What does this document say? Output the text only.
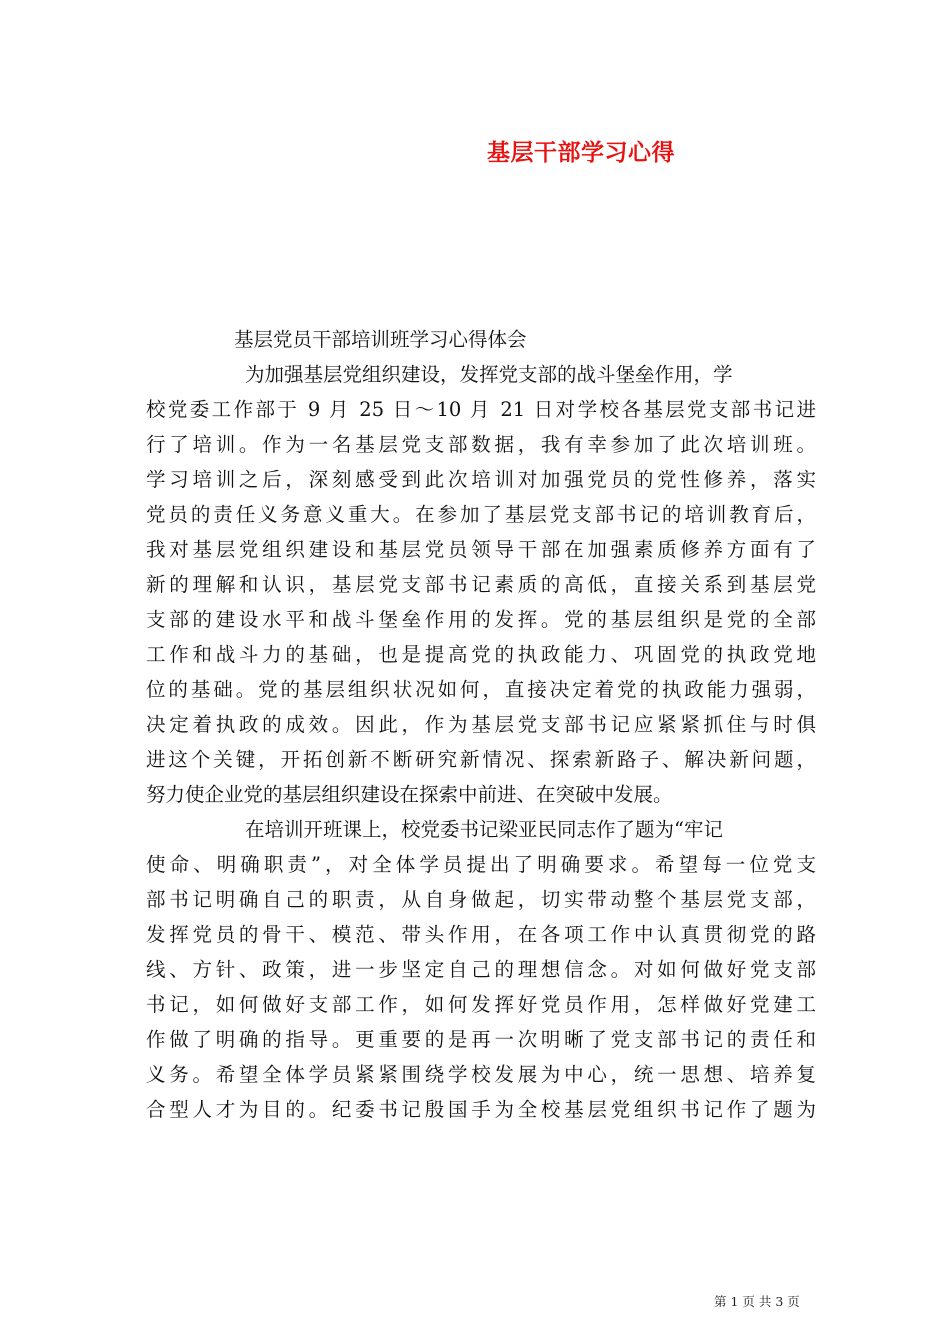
基层干部学习心得
基层党员干部培训班学习心得体会
为加强基层党组织建设，发挥党支部的战斗堡垒作用，学
校党委工作部于 9 月 25 日～10 月 21 日对学校各基层党支部书记进
行了培训。作为一名基层党支部数据，我有幸参加了此次培训班。
学习培训之后，深刻感受到此次培训对加强党员的党性修养，落实
党员的责任义务意义重大。在参加了基层党支部书记的培训教育后，
我对基层党组织建设和基层党员领导干部在加强素质修养方面有了
新的理解和认识，基层党支部书记素质的高低，直接关系到基层党
支部的建设水平和战斗堡垒作用的发挥。党的基层组织是党的全部
工作和战斗力的基础，也是提高党的执政能力、巩固党的执政党地
位的基础。党的基层组织状况如何，直接决定着党的执政能力强弱，
决定着执政的成效。因此，作为基层党支部书记应紧紧抓住与时俱
进这个关键，开拓创新不断研究新情况、探索新路子、解决新问题，
努力使企业党的基层组织建设在探索中前进、在突破中发展。
在培训开班课上，校党委书记梁亚民同志作了题为“牢记
使命、明确职责”，对全体学员提出了明确要求。希望每一位党支
部书记明确自己的职责，从自身做起，切实带动整个基层党支部，
发挥党员的骨干、模范、带头作用，在各项工作中认真贯彻党的路
线、方针、政策，进一步坚定自己的理想信念。对如何做好党支部
书记，如何做好支部工作，如何发挥好党员作用，怎样做好党建工
作做了明确的指导。更重要的是再一次明晰了党支部书记的责任和
义务。希望全体学员紧紧围绕学校发展为中心，统一思想、培养复
合型人才为目的。纪委书记殷国手为全校基层党组织书记作了题为
第 1 页 共 3 页
